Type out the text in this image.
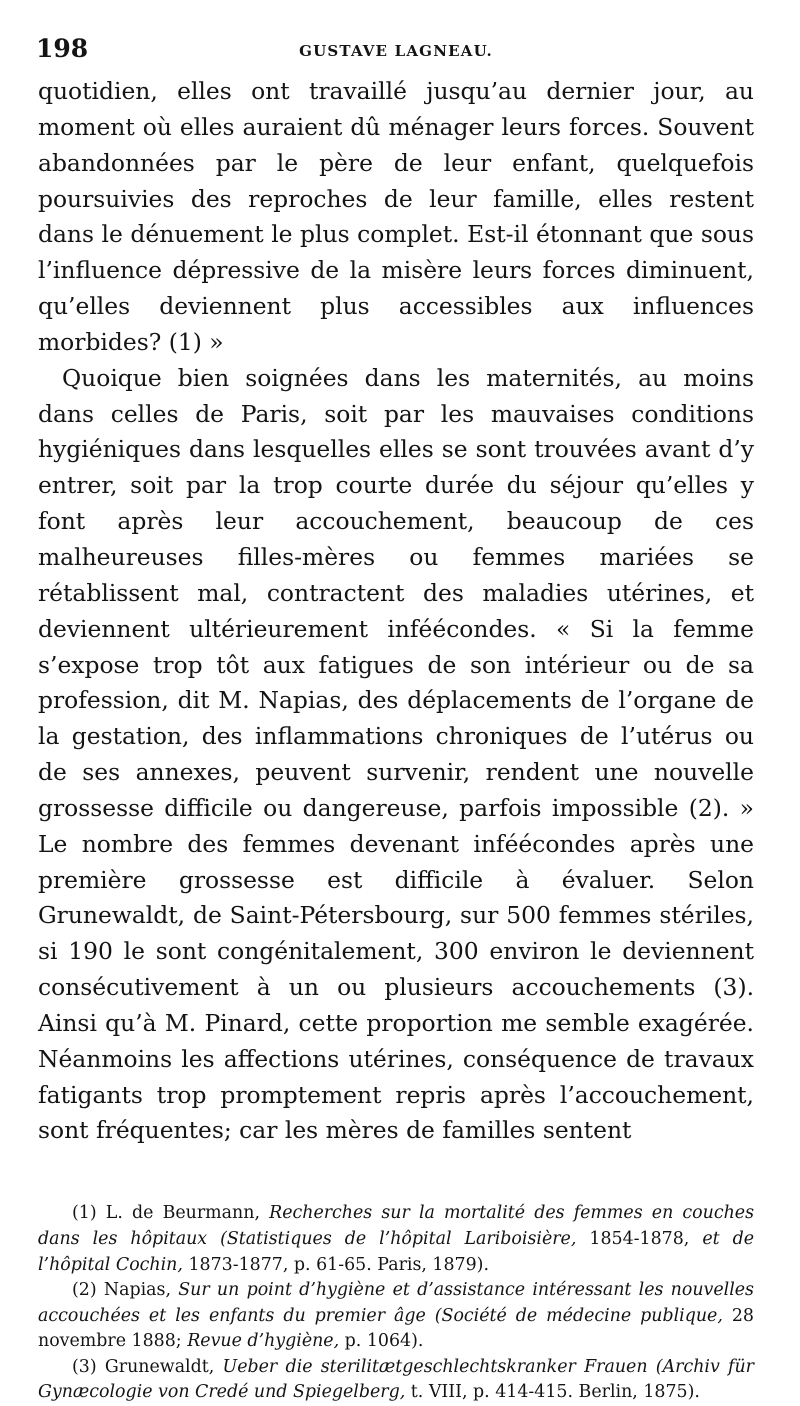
198	GUSTAVE LAGNEAU.

quotidien, elles ont travaillé jusqu’au dernier jour, au moment où elles auraient dû ménager leurs forces. Souvent abandonnées par le père de leur enfant, quelquefois poursuivies des reproches de leur famille, elles restent dans le dénuement le plus complet. Est-il étonnant que sous l’influence dépressive de la misère leurs forces diminuent, qu’elles deviennent plus accessibles aux influences morbides? (1) »

Quoique bien soignées dans les maternités, au moins dans celles de Paris, soit par les mauvaises conditions hygiéniques dans lesquelles elles se sont trouvées avant d’y entrer, soit par la trop courte durée du séjour qu’elles y font après leur accouchement, beaucoup de ces malheureuses filles-mères ou femmes mariées se rétablissent mal, contractent des maladies utérines, et deviennent ultérieurement inféécondes. « Si la femme s’expose trop tôt aux fatigues de son intérieur ou de sa profession, dit M. Napias, des déplacements de l’organe de la gestation, des inflammations chroniques de l’utérus ou de ses annexes, peuvent survenir, rendent une nouvelle grossesse difficile ou dangereuse, parfois impossible (2). » Le nombre des femmes devenant inféécondes après une première grossesse est difficile à évaluer. Selon Grunewaldt, de Saint-Pétersbourg, sur 500 femmes stériles, si 190 le sont congénitalement, 300 environ le deviennent consécutivement à un ou plusieurs accouchements (3). Ainsi qu’à M. Pinard, cette proportion me semble exagérée. Néanmoins les affections utérines, conséquence de travaux fatigants trop promptement repris après l’accouchement, sont fréquentes; car les mères de familles sentent

(1) L. de Beurmann, Recherches sur la mortalité des femmes en couches dans les hôpitaux (Statistiques de l’hôpital Lariboisière, 1854-1878, et de l’hôpital Cochin, 1873-1877, p. 61-65. Paris, 1879).

(2) Napias, Sur un point d’hygiène et d’assistance intéressant les nouvelles accouchées et les enfants du premier âge (Société de médecine publique, 28 novembre 1888; Revue d’hygiène, p. 1064).

(3) Grunewaldt, Ueber die sterilitætgeschlechtskranker Frauen (Archiv für Gynæcologie von Credé und Spiegelberg, t. VIII, p. 414-415. Berlin, 1875).
